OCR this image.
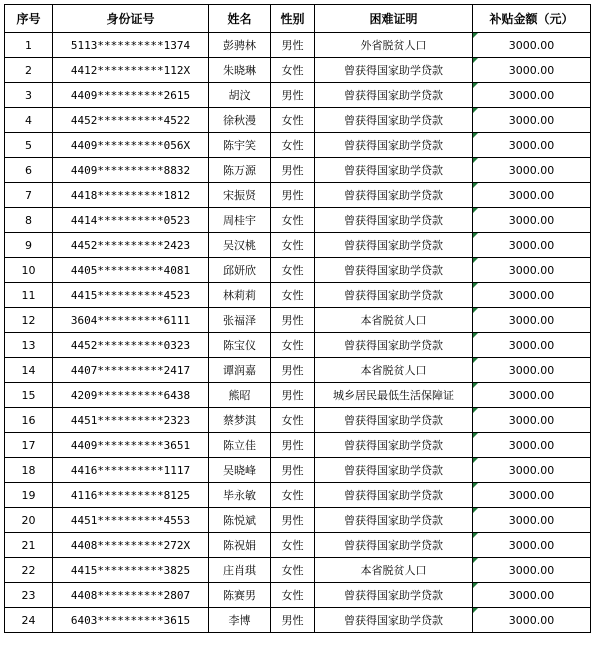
序号	身份证号	姓名	性别	困难证明	补贴金额（元）
1	5113**********1374	彭骋林	男性	外省脱贫人口	3000.00
2	4412**********112X	朱晓琳	女性	曾获得国家助学贷款	3000.00
3	4409**********2615	胡汶	男性	曾获得国家助学贷款	3000.00
4	4452**********4522	徐秋漫	女性	曾获得国家助学贷款	3000.00
5	4409**********056X	陈宇笑	女性	曾获得国家助学贷款	3000.00
6	4409**********8832	陈万源	男性	曾获得国家助学贷款	3000.00
7	4418**********1812	宋振贤	男性	曾获得国家助学贷款	3000.00
8	4414**********0523	周桂宇	女性	曾获得国家助学贷款	3000.00
9	4452**********2423	吴汉桃	女性	曾获得国家助学贷款	3000.00
10	4405**********4081	邱妍欣	女性	曾获得国家助学贷款	3000.00
11	4415**********4523	林莉莉	女性	曾获得国家助学贷款	3000.00
12	3604**********6111	张福泽	男性	本省脱贫人口	3000.00
13	4452**********0323	陈宝仪	女性	曾获得国家助学贷款	3000.00
14	4407**********2417	谭润嘉	男性	本省脱贫人口	3000.00
15	4209**********6438	熊昭	男性	城乡居民最低生活保障证	3000.00
16	4451**********2323	蔡梦淇	女性	曾获得国家助学贷款	3000.00
17	4409**********3651	陈立佳	男性	曾获得国家助学贷款	3000.00
18	4416**********1117	吴晓峰	男性	曾获得国家助学贷款	3000.00
19	4116**********8125	毕永敏	女性	曾获得国家助学贷款	3000.00
20	4451**********4553	陈悦斌	男性	曾获得国家助学贷款	3000.00
21	4408**********272X	陈祝娟	女性	曾获得国家助学贷款	3000.00
22	4415**********3825	庄肖琪	女性	本省脱贫人口	3000.00
23	4408**********2807	陈赛男	女性	曾获得国家助学贷款	3000.00
24	6403**********3615	李博	男性	曾获得国家助学贷款	3000.00
